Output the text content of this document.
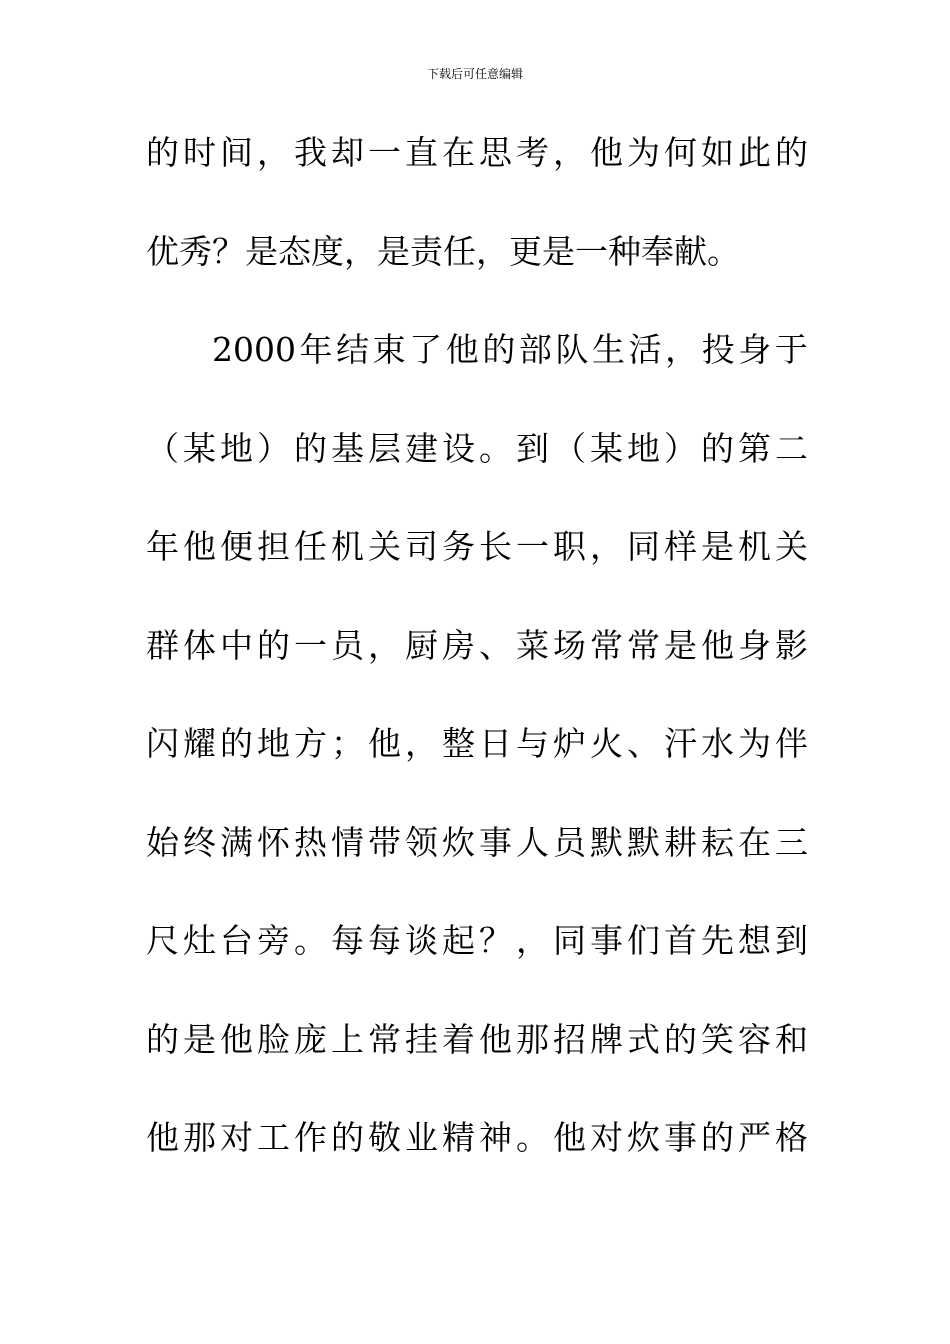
下载后可任意编辑
的 时 间 ， 我 却 一 直 在 思 考 ， 他 为 何 如 此 的
优 秀 ？ 是 态 度 ， 是 责 任 ， 更 是 一 种 奉 献 。
2000 年 结 束 了 他 的 部 队 生 活 ， 投 身 于
（ 某 地 ） 的 基 层 建 设 。 到 （ 某 地 ） 的 第 二
年 他 便 担 任 机 关 司 务 长 一 职 ， 同 样 是 机 关
群 体 中 的 一 员 ， 厨 房 、 菜 场 常 常 是 他 身 影
闪 耀 的 地 方 ； 他 ， 整 日 与 炉 火 、 汗 水 为 伴
始 终 满 怀 热 情 带 领 炊 事 人 员 默 默 耕 耘 在 三
尺 灶 台 旁 。 每 每 谈 起 ？ ， 同 事 们 首 先 想 到
的 是 他 脸 庞 上 常 挂 着 他 那 招 牌 式 的 笑 容 和
他 那 对 工 作 的 敬 业 精 神 。 他 对 炊 事 的 严 格
